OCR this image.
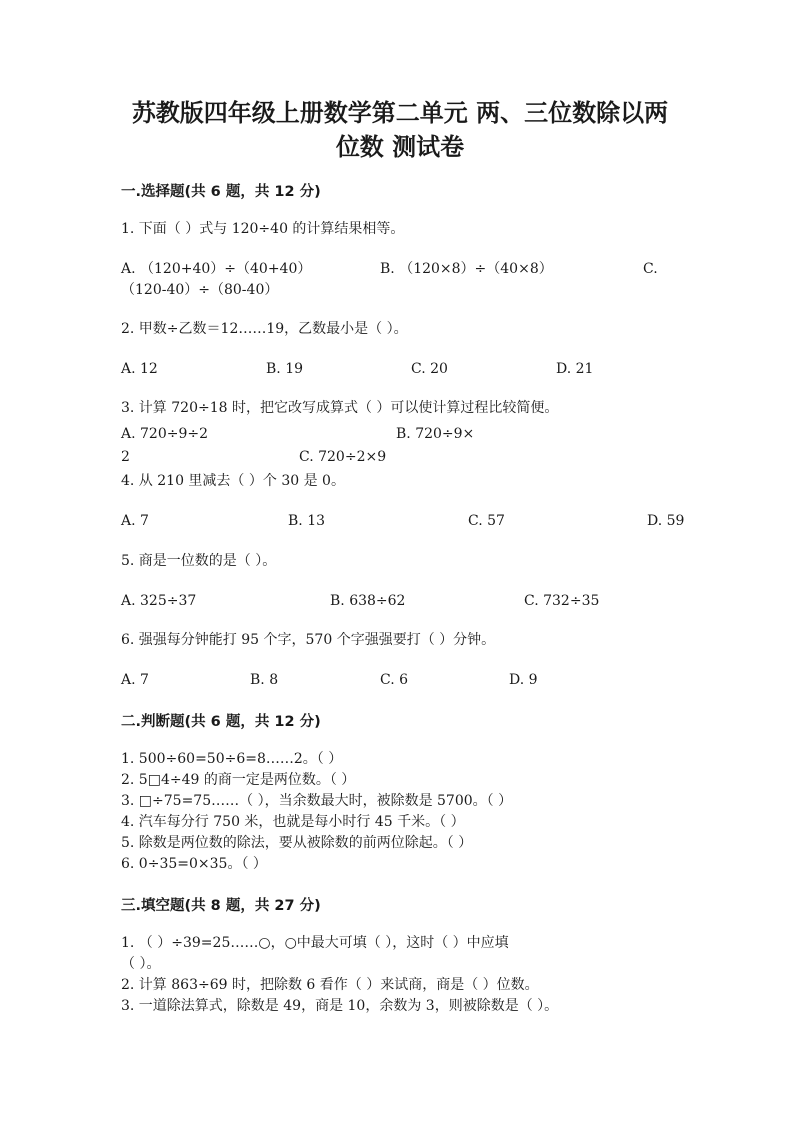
苏教版四年级上册数学第二单元 两、三位数除以两
位数 测试卷
一.选择题(共 6 题，共 12 分)
1. 下面（ ）式与 120÷40 的计算结果相等。
A. （120+40）÷（40+40）	B. （120×8）÷（40×8）	C.
（120-40）÷（80-40）
2. 甲数÷乙数＝12……19，乙数最小是（ ）。
A. 12	B. 19	C. 20	D. 21
3. 计算 720÷18 时，把它改写成算式（ ）可以使计算过程比较简便。
A. 720÷9÷2	B. 720÷9×
2	C. 720÷2×9
4. 从 210 里减去（ ）个 30 是 0。
A. 7	B. 13	C. 57	D. 59
5. 商是一位数的是（ ）。
A. 325÷37	B. 638÷62	C. 732÷35
6. 强强每分钟能打 95 个字，570 个字强强要打（ ）分钟。
A. 7	B. 8	C. 6	D. 9
二.判断题(共 6 题，共 12 分)
1. 500÷60=50÷6=8……2。（ ）
2. 5□4÷49 的商一定是两位数。（ ）
3. □÷75=75……（ ），当余数最大时，被除数是 5700。（ ）
4. 汽车每分行 750 米，也就是每小时行 45 千米。（ ）
5. 除数是两位数的除法，要从被除数的前两位除起。（ ）
6. 0÷35=0×35。（ ）
三.填空题(共 8 题，共 27 分)
1. （ ）÷39=25……○，○中最大可填（ ），这时（ ）中应填
（ ）。
2. 计算 863÷69 时，把除数 6 看作（ ）来试商，商是（ ）位数。
3. 一道除法算式，除数是 49，商是 10，余数为 3，则被除数是（ ）。
